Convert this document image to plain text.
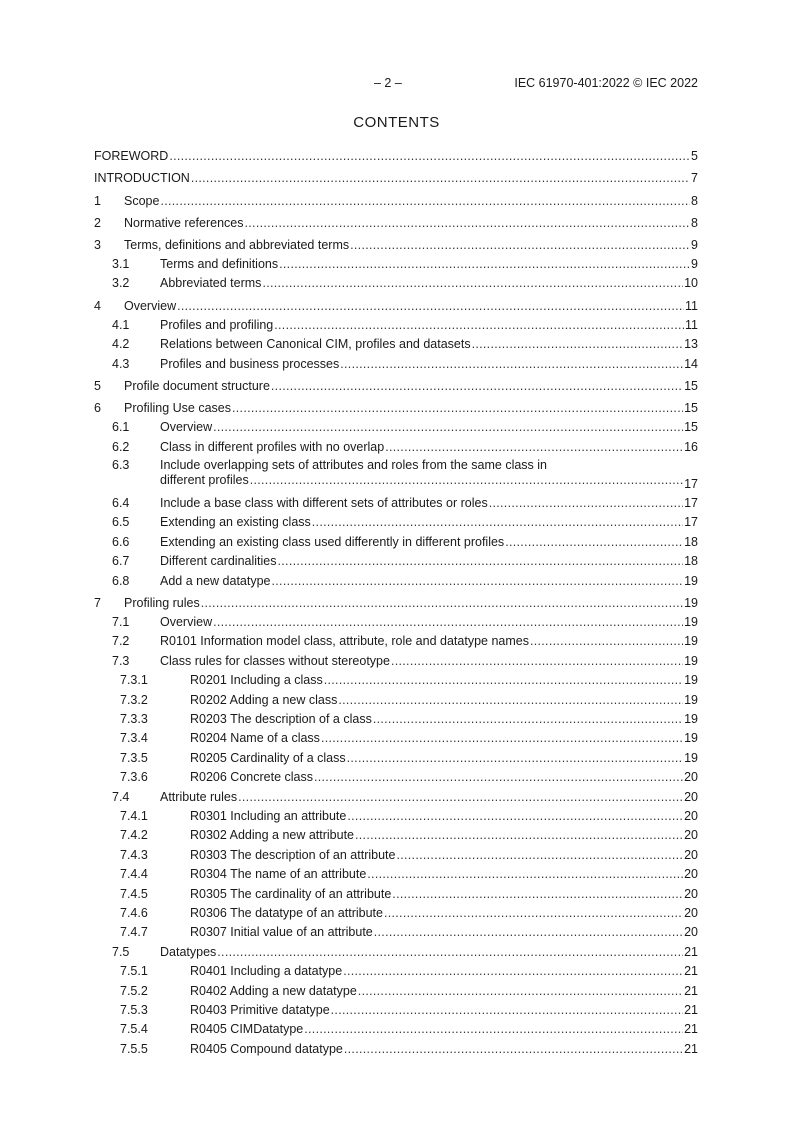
– 2 –	IEC 61970-401:2022 © IEC 2022
CONTENTS
FOREWORD .....	5
INTRODUCTION .....	7
1	Scope .....	8
2	Normative references .....	8
3	Terms, definitions and abbreviated terms .....	9
3.1	Terms and definitions .....	9
3.2	Abbreviated terms .....	10
4	Overview .....	11
4.1	Profiles and profiling .....	11
4.2	Relations between Canonical CIM, profiles and datasets .....	13
4.3	Profiles and business processes .....	14
5	Profile document structure .....	15
6	Profiling Use cases .....	15
6.1	Overview .....	15
6.2	Class in different profiles with no overlap .....	16
6.3	Include overlapping sets of attributes and roles from the same class in
different profiles .....	17
6.4	Include a base class with different sets of attributes or roles .....	17
6.5	Extending an existing class .....	17
6.6	Extending an existing class used differently in different profiles .....	18
6.7	Different cardinalities .....	18
6.8	Add a new datatype .....	19
7	Profiling rules .....	19
7.1	Overview .....	19
7.2	R0101 Information model class, attribute, role and datatype names .....	19
7.3	Class rules for classes without stereotype .....	19
7.3.1	R0201 Including a class .....	19
7.3.2	R0202 Adding a new class .....	19
7.3.3	R0203 The description of a class .....	19
7.3.4	R0204 Name of a class .....	19
7.3.5	R0205 Cardinality of a class .....	19
7.3.6	R0206 Concrete class .....	20
7.4	Attribute rules .....	20
7.4.1	R0301 Including an attribute .....	20
7.4.2	R0302 Adding a new attribute .....	20
7.4.3	R0303 The description of an attribute .....	20
7.4.4	R0304 The name of an attribute .....	20
7.4.5	R0305 The cardinality of an attribute .....	20
7.4.6	R0306 The datatype of an attribute .....	20
7.4.7	R0307 Initial value of an attribute .....	20
7.5	Datatypes .....	21
7.5.1	R0401 Including a datatype .....	21
7.5.2	R0402 Adding a new datatype .....	21
7.5.3	R0403 Primitive datatype .....	21
7.5.4	R0405 CIMDatatype .....	21
7.5.5	R0405 Compound datatype .....	21
